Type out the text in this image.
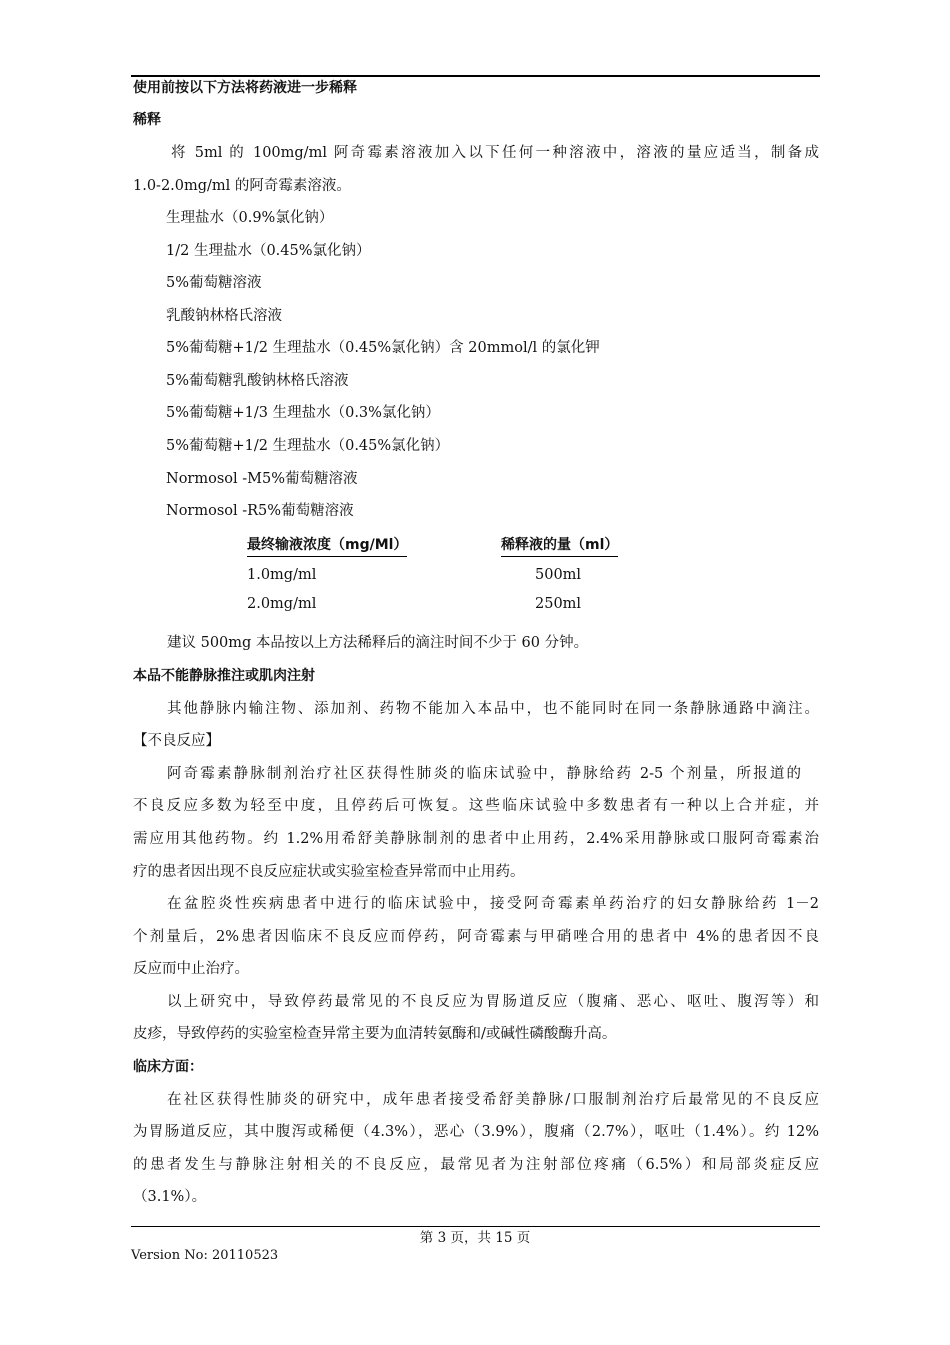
使用前按以下方法将药液进一步稀释
稀释
将 5ml 的 100mg/ml 阿奇霉素溶液加入以下任何一种溶液中，溶液的量应适当，制备成
1.0-2.0mg/ml 的阿奇霉素溶液。
生理盐水（0.9%氯化钠）
1/2 生理盐水（0.45%氯化钠）
5%葡萄糖溶液
乳酸钠林格氏溶液
5%葡萄糖+1/2 生理盐水（0.45%氯化钠）含 20mmol/l 的氯化钾
5%葡萄糖乳酸钠林格氏溶液
5%葡萄糖+1/3 生理盐水（0.3%氯化钠）
5%葡萄糖+1/2 生理盐水（0.45%氯化钠）
Normosol -M5%葡萄糖溶液
Normosol -R5%葡萄糖溶液
最终输液浓度（mg/Ml）	稀释液的量（ml）
1.0mg/ml	500ml
2.0mg/ml	250ml
建议 500mg 本品按以上方法稀释后的滴注时间不少于 60 分钟。
本品不能静脉推注或肌肉注射
其他静脉内输注物、添加剂、药物不能加入本品中，也不能同时在同一条静脉通路中滴注。
【不良反应】
阿奇霉素静脉制剂治疗社区获得性肺炎的临床试验中，静脉给药 2-5 个剂量，所报道的
不良反应多数为轻至中度，且停药后可恢复。这些临床试验中多数患者有一种以上合并症，并
需应用其他药物。约 1.2%用希舒美静脉制剂的患者中止用药，2.4%采用静脉或口服阿奇霉素治
疗的患者因出现不良反应症状或实验室检查异常而中止用药。
在盆腔炎性疾病患者中进行的临床试验中，接受阿奇霉素单药治疗的妇女静脉给药 1－2
个剂量后，2%患者因临床不良反应而停药，阿奇霉素与甲硝唑合用的患者中 4%的患者因不良
反应而中止治疗。
以上研究中，导致停药最常见的不良反应为胃肠道反应（腹痛、恶心、呕吐、腹泻等）和
皮疹，导致停药的实验室检查异常主要为血清转氨酶和/或碱性磷酸酶升高。
临床方面：
在社区获得性肺炎的研究中，成年患者接受希舒美静脉/口服制剂治疗后最常见的不良反应
为胃肠道反应，其中腹泻或稀便（4.3%），恶心（3.9%），腹痛（2.7%），呕吐（1.4%）。约 12%
的患者发生与静脉注射相关的不良反应，最常见者为注射部位疼痛（6.5%）和局部炎症反应
（3.1%）。
第 3 页，共 15 页
Version No: 20110523
